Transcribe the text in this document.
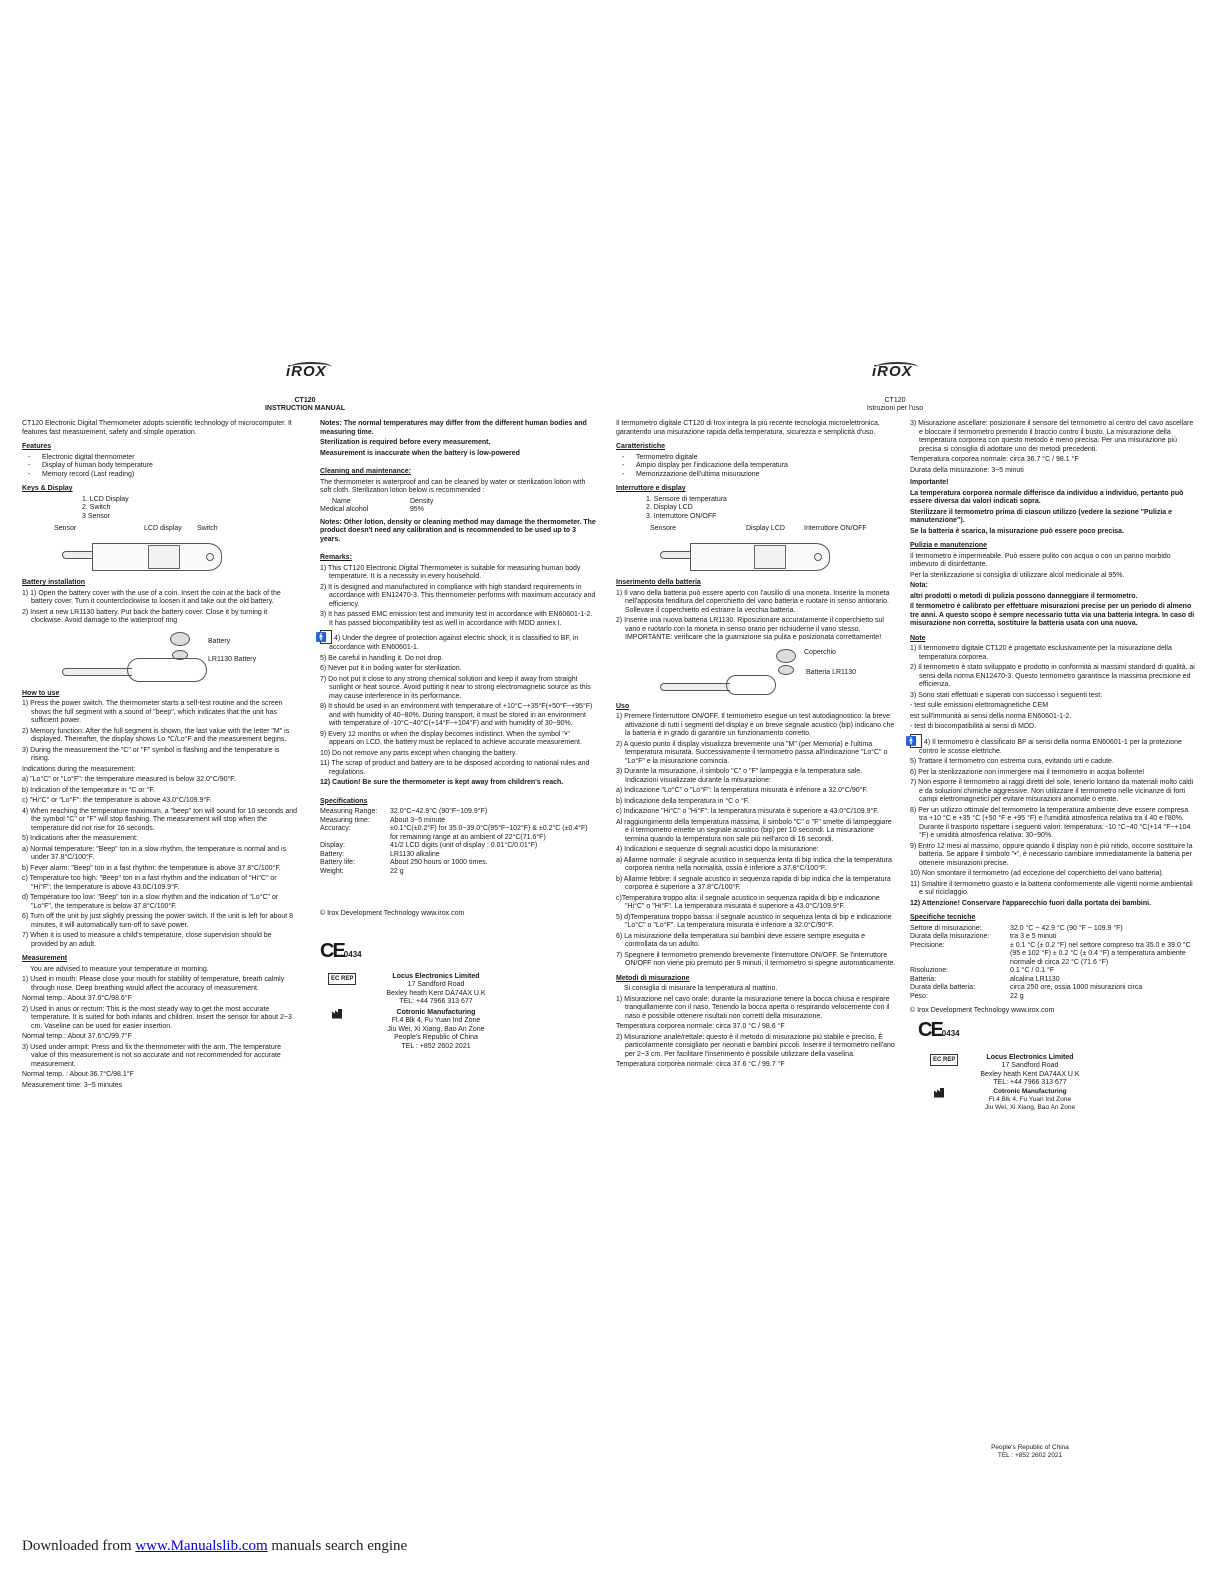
iROX
CT120
INSTRUCTION MANUAL

CT120 Electronic Digital Thermometer adopts scientific technology of microcomputer. It features fast measurement, safety and simple operation.

Features
- Electronic digital thermometer
- Display of human body temperature
- Memory record (Last reading)
Keys & Display
1. LCD Display
2. Switch
3 Sensor
Sensor	LCD display Switch
Battery installation
1) 1) Open the battery cover with the use of a coin. Insert the coin at the back of the battery cover. Turn it counterclockwise to loosen it and take out the old battery.
2) Insert a new LR1130 battery. Put back the battery cover. Close it by turning it clockwise. Avoid damage to the waterproof ring
Battery
LR1130 Battery
How to use
1) Press the power switch. The thermometer starts a self-test routine and the screen shows the full segment with a sound of "beep", which indicates that the unit has sufficient power.
2) Memory function: After the full segment is shown, the last value with the letter "M" is displayed. Thereafter, the display shows Lo ℃/Lo°F and the measurement begins.
3) During the measurement the "C" or "F" symbol is flashing and the temperature is rising.
Indications during the measurement:
a) "Lo°C" or "Lo°F": the temperature measured is below 32.0°C/90°F.
b) Indication of the temperature in °C or °F.
c) "Hi°C" or "Lo°F": the temperature is above 43.0°C/109.9°F.
4) When reaching the temperature maximum, a "beep" ton will sound for 10 seconds and the symbol "C" or "F" will stop flashing. The measurement will stop when the temperature did not rise for 16 seconds.
5) Indications after the measurement:
a) Normal temperature: "Beep" ton in a slow rhythm, the temperature is normal and is under 37.8°C/100°F.
b) Fever alarm: "Beep" ton in a fast rhythm: the temperature is above 37.8°C/100°F.
c) Temperature too high: "Beep" ton in a fast rhythm and the indication of "Hi°C" or "Hi°F": the temperature is above 43.0C/109.9°F.
d) Temperature too low: "Beep" ton in a slow rhythm and the indication of "Lo°C" or "Lo°F", the temperature is below 37.8°C/100°F.
6) Turn off the unit by just slightly pressing the power switch. If the unit is left for about 8 minutes, it will automatically turn-off to save power.
7) When it is used to measure a child's temperature, close supervision should be provided by an adult.
Measurement

You are advised to measure your temperature in morning.

1) Used in mouth: Please close your mouth for stability of temperature, breath calmly through nose. Deep breathing would affect the accuracy of measurement.
Normal temp.: About 37.0°C/98.6°F
2) Used in anus or rectum: This is the most steady way to get the most accurate temperature. It is suited for both infants and children. Insert the sensor for about 2~3 cm. Vaseline can be used for easier insertion.
Normal temp.: About 37.6°C/99.7°F
3) Used under armpit: Press and fix the thermometer with the arm. The temperature value of this measurement is not so accurate and not recommended for accurate measurement.
Normal temp. : About 36.7°C/98.1°F
Measurement time: 3~5 minutes

Notes: The normal temperatures may differ from the different human bodies and measuring time.

Sterilization is required before every measurement.

Measurement is inaccurate when the battery is low-powered

Cleaning and maintenance:

The thermometer is waterproof and can be cleaned by water or sterilization lotion with soft cloth. Sterilization lotion below is recommended :

Name	Density
Medical alcohol	95%

Notes: Other lotion, density or cleaning method may damage the thermometer. The product doesn't need any calibration and is recommended to be used up to 3 years.

Remarks:
1) This CT120 Electronic Digital Thermometer is suitable for measuring human body temperature. It is a necessity in every household.
2) It is designed and manufactured in compliance with high standard requirements in accordance with EN12470-3. This thermometer performs with maximum accuracy and efficiency.
3) It has passed EMC emission test and immunity test in accordance with EN60601-1-2. It has passed biocompatibility test as well in accordance with MDD annex I.
🚹 4) Under the degree of protection against electric shock, it is classified to BF, in accordance with EN60601-1.
5) Be careful in handling it. Do not drop.
6) Never put it in boiling water for sterilization.
7) Do not put it close to any strong chemical solution and keep it away from straight sunlight or heat source. Avoid putting it near to strong electromagnetic source as this may cause interference in its performance.
8) It should be used in an environment with temperature of +10°C~+35°F(+50°F~+95°F) and with humidity of 40~80%. During transport, it must be stored in an environment with temperature of -10°C~40°C(+14°F~+104°F) and with humidity of 30~90%.
9) Every 12 months or when the display becomes indistinct. When the symbol "•" appears on LCD, the battery must be replaced to achieve accurate measurement.
10) Do not remove any parts except when changing the battery.
11) The scrap of product and battery are to be disposed according to national rules and regulations.
12) Caution! Be sure the thermometer is kept away from children's reach.
Specifications
Measuring Range:	32.0°C~42.9°C (90°F~109.9°F)
Measuring time:	About 3~5 minute
Accuracy:	±0.1°C(±0.2°F) for 35.0~39.0°C(95°F~102°F) & ±0.2°C (±0.4°F) for remaining range at an ambient of 22°C(71.6°F)
Display:	41/2 LCD digits (unit of display : 0.01°C/0.01°F)
Battery:	LR1130 alkaline
Battery life:	About 250 hours or 1000 times.
Weight:	22 g

© Irox Development Technology www.irox.com

CE0434
EC REP	Locus Electronics Limited
17 Sandford Road
Bexley heath Kent DA74AX U.K
TEL: +44 7966 313 677
Cotronic Manufacturing
Fl.4 Blk 4, Fu Yuan Ind Zone
Jiu Wei, Xi Xiang, Bao An Zone
People's Republic of China
TEL : +852 2602 2021
iROX
CT120
Istruzioni per l'uso

Il termometro digitale CT120 di Irox integra la più recente tecnologia microelettronica, garantendo una misurazione rapida della temperatura, sicurezza e semplicità d'uso.

Caratteristiche
- Termometro digitale
- Ampio display per l'indicazione della temperatura
- Memorizzazione dell'ultima misurazione
Interruttore e display
1. Sensore di temperatura
2. Display LCD
3. Interruttore ON/OFF
Sensore	Display LCD	Interruttore ON/OFF
Inserimento della batteria
1) Il vano della batteria può essere aperto con l'ausilio di una moneta. Inserire la moneta nell'apposita fenditura del coperchietto del vano batteria e ruotare in senso antiorario. Sollevare il coperchietto ed estrarre la vecchia batteria.
2) Inserire una nuova batteria LR1130. Riposizionare accuratamente il coperchietto sul vano e ruotarlo con la moneta in senso orario per richiuderne il vano stesso. IMPORTANTE: verificare che la guarnizione sia pulita e posizionata correttamente!
Coperchio
Batteria LR1130
Uso
1) Premere l'interruttore ON/OFF. Il termometro esegue un test autodiagnostico: la breve attivazione di tutti i segmenti del display e un breve segnale acustico (bip) indicano che la batteria è in grado di garantire un funzionamento corretto.
2) A questo punto il display visualizza brevemente una "M" (per Memoria) e l'ultima temperatura misurata. Successivamente il termometro passa all'indicazione "Lo°C" o "Lo°F" e la misurazione comincia.
3) Durante la misurazione, il simbolo "C" o "F" lampeggia e la temperatura sale. Indicazioni visualizzate durante la misurazione:
a) Indicazione "Lo°C" o "Lo°F": la temperatura misurata è inferiore a 32.0°C/90°F.
b) Indicazione della temperatura in °C o °F.
c) Indicazione "Hi°C" o "Hi°F": la temperatura misurata è superiore a 43.0°C/109.9°F.
Al raggiungimento della temperatura massima, il simbolo "C" o "F" smette di lampeggiare e il termometro emette un segnale acustico (bip) per 10 secondi. La misurazione termina quando la temperatura non sale più nell'arco di 16 secondi.
4) Indicazioni e sequenze di segnali acustici dopo la misurazione:
a) Allarme normale: il segnale acustico in sequenza lenta di bip indica che la temperatura corporea rientra nella normalità, ossia è inferiore a 37.8°C/100°F.
b) Allarme febbre: il segnale acustico in sequenza rapida di bip indica che la temperatura corporea è superiore a 37.8°C/100°F.
c)Temperatura troppo alta: il segnale acustico in sequenza rapida di bip e indicazione "Hi°C" o "Hi°F". La temperatura misurata è superiore a 43.0°C/109.9°F.
5) d)Temperatura troppo bassa: il segnale acustico in sequenza lenta di bip e indicazione "Lo°C" o "Lo°F". La temperatura misurata è inferiore a 32.0°C/90°F.
6) La misurazione della temperatura sui bambini deve essere sempre eseguita e controllata da un adulto.
7) Spegnere il termometro premendo brevemente l'interruttore ON/OFF. Se l'interruttore ON/OFF non viene più premuto per 9 minuti, il termometro si spegne automaticamente.
Metodi di misurazione

Si consiglia di misurare la temperatura al mattino.

1) Misurazione nel cavo orale: durante la misurazione tenere la bocca chiusa e respirare tranquillamente con il naso. Tenendo la bocca aperta o respirando velocemente con il naso è possibile ottenere risultati non corretti della misurazione.
Temperatura corporea normale: circa 37.0 °C / 98.6 °F
2) Misurazione anale/rettale: questo è il metodo di misurazione più stabile e preciso. È particolarmente consigliato per neonati e bambini piccoli. Inserire il termometro nell'ano per 2~3 cm. Per facilitare l'inserimento è possibile utilizzare della vaselina.
Temperatura corporea normale: circa 37.6 °C / 99.7 °F
3) Misurazione ascellare: posizionare il sensore del termometro al centro del cavo ascellare e bloccare il termometro premendo il braccio contro il busto. La misurazione della temperatura corporea con questo metodo è meno precisa. Per una misurazione più precisa si consiglia di adottare uno dei metodi precedenti.
Temperatura corporea normale: circa 36.7 °C / 98.1 °F
Durata della misurazione: 3~5 minuti

Importante!

La temperatura corporea normale differisce da individuo a individuo, pertanto può essere diversa dai valori indicati sopra.

Sterilizzare il termometro prima di ciascun utilizzo (vedere la sezione "Pulizia e manutenzione").

Se la batteria è scarica, la misurazione può essere poco precisa.

Pulizia e manutenzione

Il termometro è impermeabile. Può essere pulito con acqua o con un panno morbido imbevuto di disinfettante.

Per la sterilizzazione si consiglia di utilizzare alcol medicinale al 95%.

Nota:

altri prodotti o metodi di pulizia possono danneggiare il termometro.

Il termometro è calibrato per effettuare misurazioni precise per un periodo di almeno tre anni. A questo scopo è sempre necessario tutta via una batteria integra. In caso di misurazione non corretta, sostituire la batteria usata con una nuova.

Note
1) Il termometro digitale CT120 è progettato esclusivamente per la misurazione della temperatura corporea.
2) Il termometro è stato sviluppato e prodotto in conformità ai massimi standard di qualità, ai sensi della norma EN12470-3. Questo termometro garantisce la massima precisione ed efficienza.
3) Sono stati effettuati e superati con successo i seguenti test:
- test sulle emissioni elettromagnetiche CEM
est sull'immunità ai sensi della norma EN60601-1-2.
- test di biocompatibilità ai sensi di MDD.
🚹 4) Il termometro è classificato BF ai sensi della norma EN60601-1 per la protezione contro le scosse elettriche.
5) Trattare il termometro con estrema cura, evitando urti e cadute.
6) Per la sterilizzazione non immergere mai il termometro in acqua bollente!
7) Non esporre il termometro ai raggi diretti del sole, tenerlo lontano da materiali molto caldi e da soluzioni chimiche aggressive. Non utilizzare il termometro nelle vicinanze di forti campi elettromagnetici per evitare misurazioni anomale o errate.
8) Per un utilizzo ottimale del termometro la temperatura ambiente deve essere compresa tra +10 °C e +35 °C (+50 °F e +95 °F) e l'umidità atmosferica relativa tra il 40 e l'80%. Durante il trasporto rispettare i seguenti valori: temperatura: -10 °C~40 °C(+14 °F~+104 °F) e umidità atmosferica relativa: 30~90%.
9) Entro 12 mesi al massimo, oppure quando il display non è più nitido, occorre sostituire la batteria. Se appare il simbolo "•", è necessario cambiare immediatamente la batteria per ottenere misurazioni precise.
10) Non smontare il termometro (ad eccezione del coperchietto del vano batteria).
11) Smaltire il termometro guasto e la batteria conformemente alle vigenti norme ambientali e sul riciclaggio.
12) Attenzione! Conservare l'apparecchio fuori dalla portata dei bambini.
Specifiche tecniche
Settore di misurazione:	32.0 °C ~ 42.9 °C (90 °F ~ 109.9 °F)
Durata della misurazione:	tra 3 e 5 minuti
Precisione:	± 0.1 °C (± 0.2 °F) nel settore compreso tra 35.0 e 39.0 °C (95 e 102 °F) ± 0.2 °C (± 0.4 °F) a temperatura ambiente normale di circa 22 °C (71.6 °F)
Risoluzione:	0.1 °C / 0.1 °F
Batteria:	alcalina LR1130
Durata della batteria:	circa 250 ore, ossia 1000 misurazioni circa
Peso:	22 g

© Irox Development Technology www.irox.com

CE0434
EC REP	Locus Electronics Limited
17 Sandford Road
Bexley heath Kent DA74AX U.K
TEL: +44 7966 313 677
Cotronic Manufacturing
Fl.4 Blk 4, Fu Yuan Ind Zone
Jiu Wei, Xi Xiang, Bao An Zone
People's Republic of China
TEL : +852 2602 2021
Downloaded from www.Manualslib.com manuals search engine
